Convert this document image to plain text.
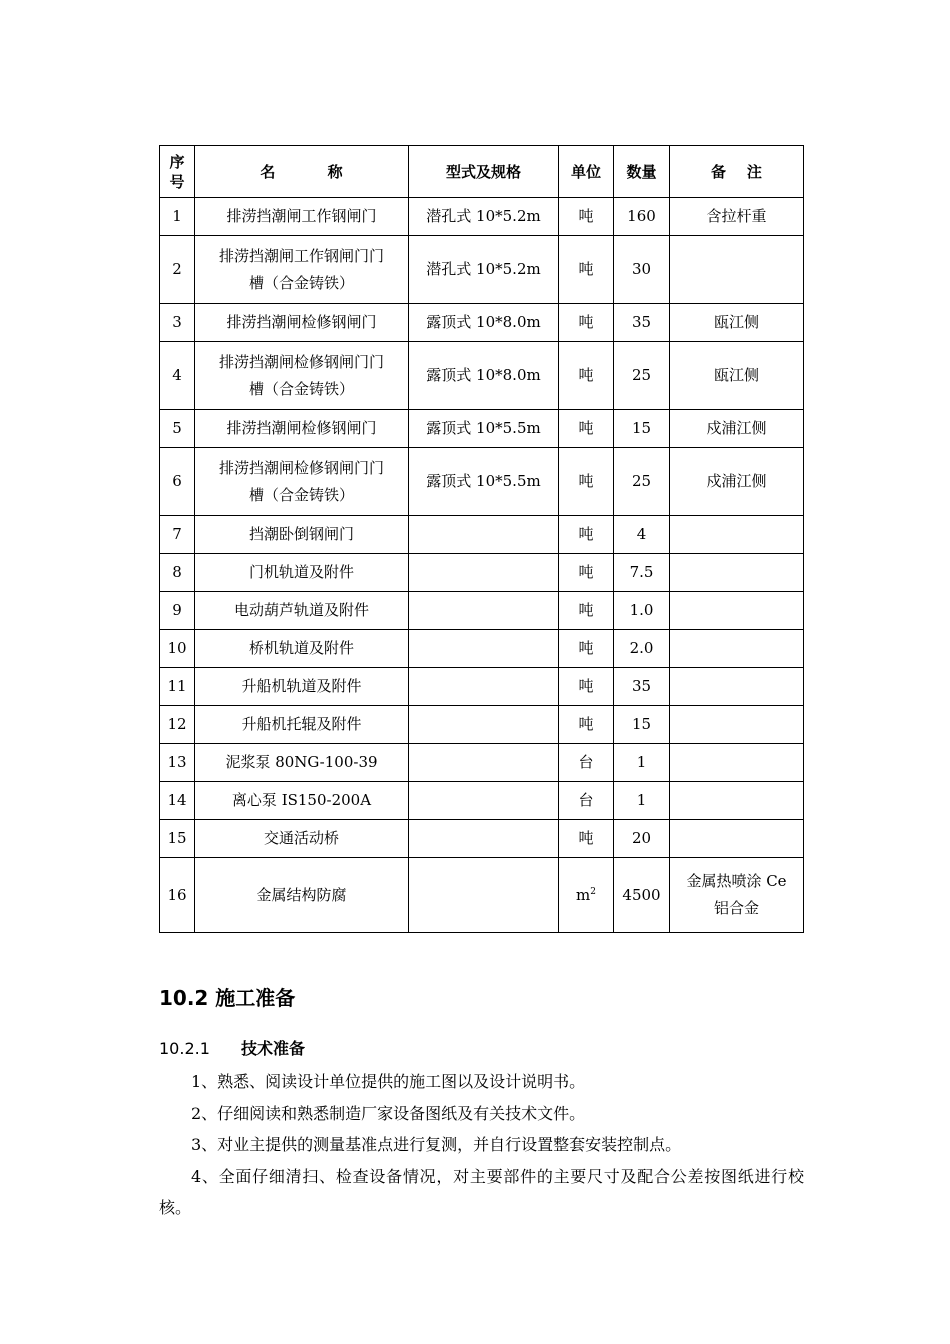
序号	名          称	型式及规格	单位	数量	备    注
1	排涝挡潮闸工作钢闸门	潜孔式 10*5.2m	吨	160	含拉杆重

2	排涝挡潮闸工作钢闸门门
槽（合金铸铁）	潜孔式 10*5.2m	吨	30	

3	排涝挡潮闸检修钢闸门	露顶式 10*8.0m	吨	35	瓯江侧

4	排涝挡潮闸检修钢闸门门
槽（合金铸铁）	露顶式 10*8.0m	吨	25	瓯江侧

5	排涝挡潮闸检修钢闸门	露顶式 10*5.5m	吨	15	戍浦江侧

6	排涝挡潮闸检修钢闸门门
槽（合金铸铁）	露顶式 10*5.5m	吨	25	戍浦江侧

7	挡潮卧倒钢闸门		吨	4	

8	门机轨道及附件		吨	7.5	

9	电动葫芦轨道及附件		吨	1.0	

10	桥机轨道及附件		吨	2.0	

11	升船机轨道及附件		吨	35	

12	升船机托辊及附件		吨	15	

13	泥浆泵 80NG-100-39		台	1	

14	离心泵 IS150-200A		台	1	

15	交通活动桥		吨	20	

16	金属结构防腐		$m^2$	4500	金属热喷涂 Ce
铝合金
10.2 施工准备
10.2.1 技术准备

1、熟悉、阅读设计单位提供的施工图以及设计说明书。

2、仔细阅读和熟悉制造厂家设备图纸及有关技术文件。

3、对业主提供的测量基准点进行复测，并自行设置整套安装控制点。

4、全面仔细清扫、检查设备情况，对主要部件的主要尺寸及配合公差按图纸进行校核。
